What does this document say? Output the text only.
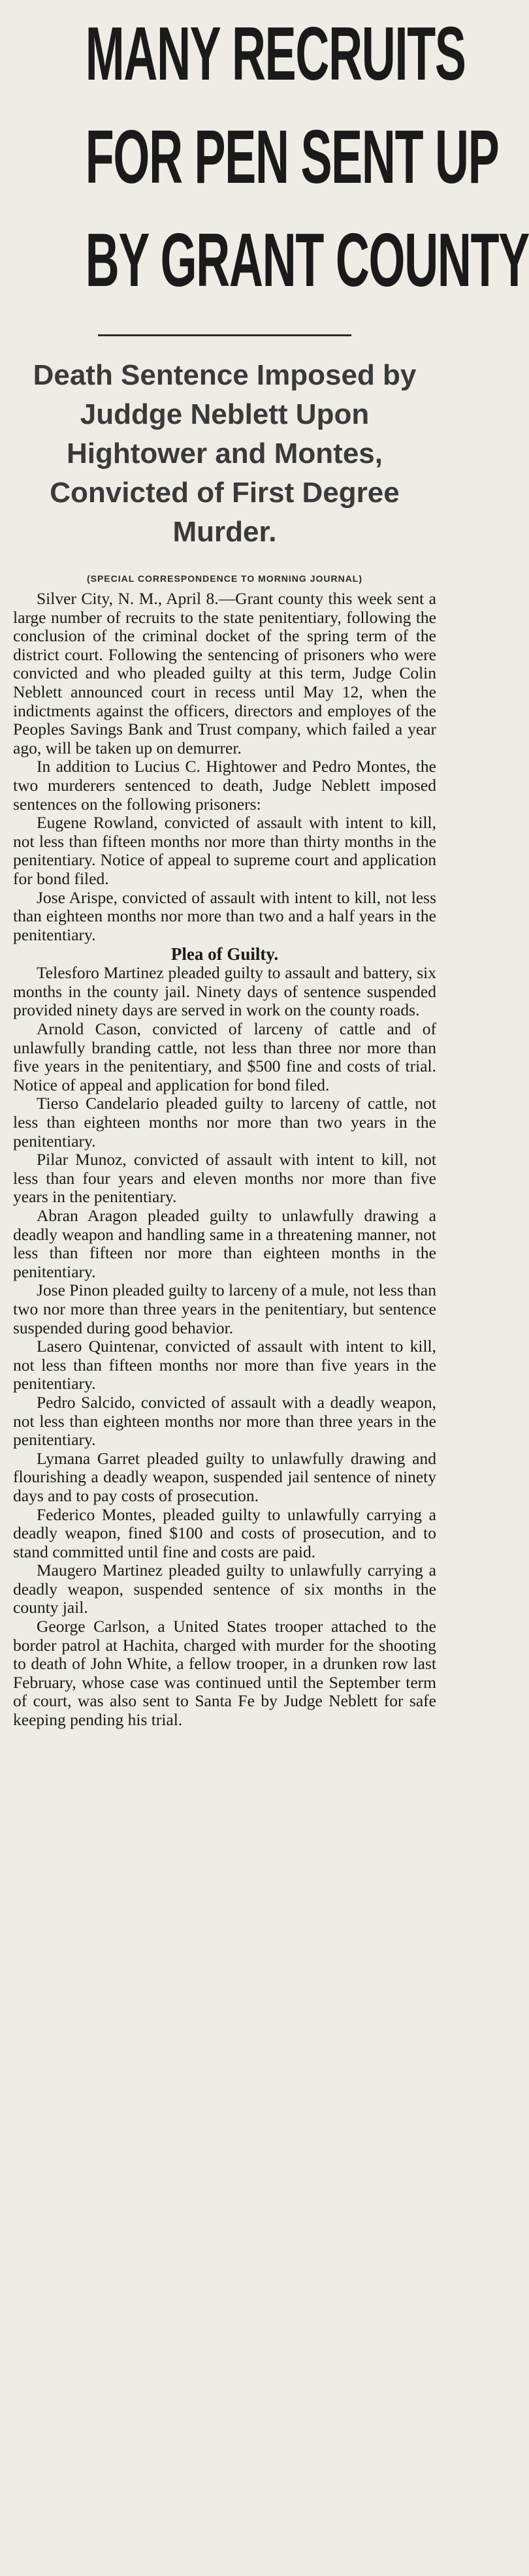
MANY RECRUITS
FOR PEN SENT UP
BY GRANT COUNTY
Death Sentence Imposed by Juddge Neblett Upon Hightower and Montes, Convicted of First Degree Murder.
(SPECIAL CORRESPONDENCE TO MORNING JOURNAL)

Silver City, N. M., April 8.—Grant county this week sent a large number of recruits to the state penitentiary, following the conclusion of the criminal docket of the spring term of the district court. Following the sentencing of prisoners who were convicted and who pleaded guilty at this term, Judge Colin Neblett announced court in recess until May 12, when the indictments against the officers, directors and employes of the Peoples Savings Bank and Trust company, which failed a year ago, will be taken up on demurrer.

In addition to Lucius C. Hightower and Pedro Montes, the two murderers sentenced to death, Judge Neblett imposed sentences on the following prisoners:

Eugene Rowland, convicted of assault with intent to kill, not less than fifteen months nor more than thirty months in the penitentiary. Notice of appeal to supreme court and application for bond filed.

Jose Arispe, convicted of assault with intent to kill, not less than eighteen months nor more than two and a half years in the penitentiary.

Plea of Guilty.

Telesforo Martinez pleaded guilty to assault and battery, six months in the county jail. Ninety days of sentence suspended provided ninety days are served in work on the county roads.

Arnold Cason, convicted of larceny of cattle and of unlawfully branding cattle, not less than three nor more than five years in the penitentiary, and $500 fine and costs of trial. Notice of appeal and application for bond filed.

Tierso Candelario pleaded guilty to larceny of cattle, not less than eighteen months nor more than two years in the penitentiary.

Pilar Munoz, convicted of assault with intent to kill, not less than four years and eleven months nor more than five years in the penitentiary.

Abran Aragon pleaded guilty to unlawfully drawing a deadly weapon and handling same in a threatening manner, not less than fifteen nor more than eighteen months in the penitentiary.

Jose Pinon pleaded guilty to larceny of a mule, not less than two nor more than three years in the penitentiary, but sentence suspended during good behavior.

Lasero Quintenar, convicted of assault with intent to kill, not less than fifteen months nor more than five years in the penitentiary.

Pedro Salcido, convicted of assault with a deadly weapon, not less than eighteen months nor more than three years in the penitentiary.

Lymana Garret pleaded guilty to unlawfully drawing and flourishing a deadly weapon, suspended jail sentence of ninety days and to pay costs of prosecution.

Federico Montes, pleaded guilty to unlawfully carrying a deadly weapon, fined $100 and costs of prosecution, and to stand committed until fine and costs are paid.

Maugero Martinez pleaded guilty to unlawfully carrying a deadly weapon, suspended sentence of six months in the county jail.

George Carlson, a United States trooper attached to the border patrol at Hachita, charged with murder for the shooting to death of John White, a fellow trooper, in a drunken row last February, whose case was continued until the September term of court, was also sent to Santa Fe by Judge Neblett for safe keeping pending his trial.
